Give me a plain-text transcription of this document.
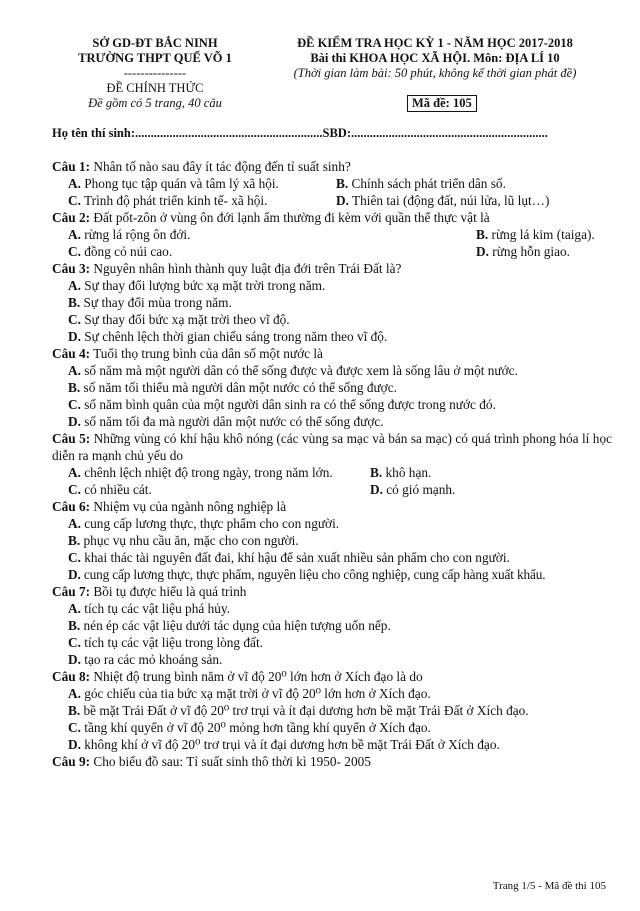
SỞ GD-ĐT BẮC NINH
TRƯỜNG THPT QUẾ VÕ 1
---------------
ĐỀ CHÍNH THỨC
Đề gồm có 5 trang, 40 câu
ĐỀ KIỂM TRA HỌC KỲ 1 - NĂM HỌC 2017-2018
Bài thi KHOA HỌC XÃ HỘI. Môn: ĐỊA LÍ 10
(Thời gian làm bài: 50 phút, không kể thời gian phát đề)
Mã đề: 105
Họ tên thí sinh:............................................................SBD:...............................................................
Câu 1: Nhân tố nào sau đây ít tác động đến tỉ suất sinh?
A. Phong tục tập quán và tâm lý xã hội.	B. Chính sách phát triển dân số.
C. Trình độ phát triển kinh tế- xã hội.	D. Thiên tai (động đất, núi lửa, lũ lụt…)
Câu 2: Đất pốt-zôn ở vùng ôn đới lạnh ẩm thường đi kèm với quần thể thực vật là
A. rừng lá rộng ôn đới.	B. rừng lá kim (taiga).
C. đồng cỏ núi cao.	D. rừng hỗn giao.
Câu 3: Nguyên nhân hình thành quy luật địa đới trên Trái Đất là?
A. Sự thay đổi lượng bức xạ mặt trời trong năm.
B. Sự thay đổi mùa trong năm.
C. Sự thay đổi bức xạ mặt trời theo vĩ độ.
D. Sự chênh lệch thời gian chiếu sáng trong năm theo vĩ độ.
Câu 4: Tuổi thọ trung bình của dân số một nước là
A. số năm mà một người dân có thể sống được và được xem là sống lâu ở một nước.
B. số năm tối thiểu mà người dân một nước có thể sống được.
C. số năm bình quân của một người dân sinh ra có thể sống được trong nước đó.
D. số năm tối đa mà người dân một nước có thể sống được.
Câu 5: Những vùng có khí hậu khô nóng (các vùng sa mạc và bán sa mạc) có quá trình phong hóa lí học diễn ra mạnh chủ yếu do
A. chênh lệch nhiệt độ trong ngày, trong năm lớn.	B. khô hạn.
C. có nhiều cát.	D. có gió mạnh.
Câu 6: Nhiệm vụ của ngành nông nghiệp là
A. cung cấp lương thực, thực phẩm cho con người.
B. phục vụ nhu cầu ăn, mặc cho con người.
C. khai thác tài nguyên đất đai, khí hậu để sản xuất nhiều sản phẩm cho con người.
D. cung cấp lương thực, thực phẩm, nguyên liệu cho công nghiệp, cung cấp hàng xuất khẩu.
Câu 7: Bồi tụ được hiểu là quá trình
A. tích tụ các vật liệu phá hủy.
B. nén ép các vật liệu dưới tác dụng của hiện tượng uốn nếp.
C. tích tụ các vật liệu trong lòng đất.
D. tạo ra các mỏ khoáng sản.
Câu 8: Nhiệt độ trung bình năm ở vĩ độ 20⁰ lớn hơn ở Xích đạo là do
A. góc chiếu của tia bức xạ mặt trời ở vĩ độ 20⁰ lớn hơn ở Xích đạo.
B. bề mặt Trái Đất ở vĩ độ 20⁰ trơ trụi và ít đại dương hơn bề mặt Trái Đất ở Xích đạo.
C. tầng khí quyển ở vĩ độ 20⁰ mỏng hơn tầng khí quyển ở Xích đạo.
D. không khí ở vĩ độ 20⁰ trơ trụi và ít đại dương hơn bề mặt Trái Đất ở Xích đạo.
Câu 9: Cho biểu đồ sau: Tỉ suất sinh thô thời kì 1950- 2005
Trang 1/5 - Mã đề thi 105
